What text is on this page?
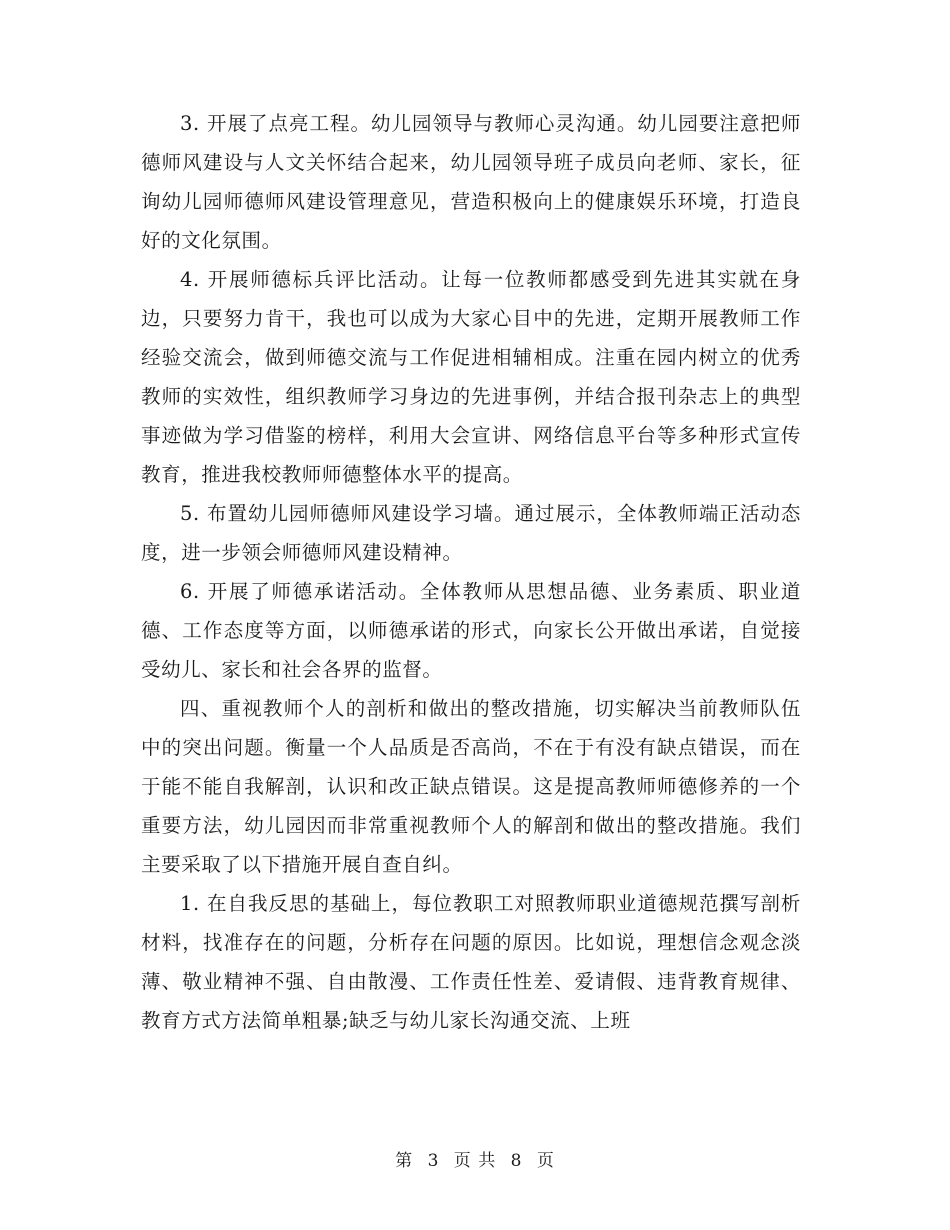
3. 开展了点亮工程。幼儿园领导与教师心灵沟通。幼儿园要注意把师德师风建设与人文关怀结合起来，幼儿园领导班子成员向老师、家长，征询幼儿园师德师风建设管理意见，营造积极向上的健康娱乐环境，打造良好的文化氛围。

4. 开展师德标兵评比活动。让每一位教师都感受到先进其实就在身边，只要努力肯干，我也可以成为大家心目中的先进，定期开展教师工作经验交流会，做到师德交流与工作促进相辅相成。注重在园内树立的优秀教师的实效性，组织教师学习身边的先进事例，并结合报刊杂志上的典型事迹做为学习借鉴的榜样，利用大会宣讲、网络信息平台等多种形式宣传教育，推进我校教师师德整体水平的提高。

5. 布置幼儿园师德师风建设学习墙。通过展示，全体教师端正活动态度，进一步领会师德师风建设精神。

6. 开展了师德承诺活动。全体教师从思想品德、业务素质、职业道德、工作态度等方面，以师德承诺的形式，向家长公开做出承诺，自觉接受幼儿、家长和社会各界的监督。

四、重视教师个人的剖析和做出的整改措施，切实解决当前教师队伍中的突出问题。衡量一个人品质是否高尚，不在于有没有缺点错误，而在于能不能自我解剖，认识和改正缺点错误。这是提高教师师德修养的一个重要方法，幼儿园因而非常重视教师个人的解剖和做出的整改措施。我们主要采取了以下措施开展自查自纠。

1. 在自我反思的基础上，每位教职工对照教师职业道德规范撰写剖析材料，找准存在的问题，分析存在问题的原因。比如说，理想信念观念淡薄、敬业精神不强、自由散漫、工作责任性差、爱请假、违背教育规律、教育方式方法简单粗暴;缺乏与幼儿家长沟通交流、上班

第 3 页 共 8 页
